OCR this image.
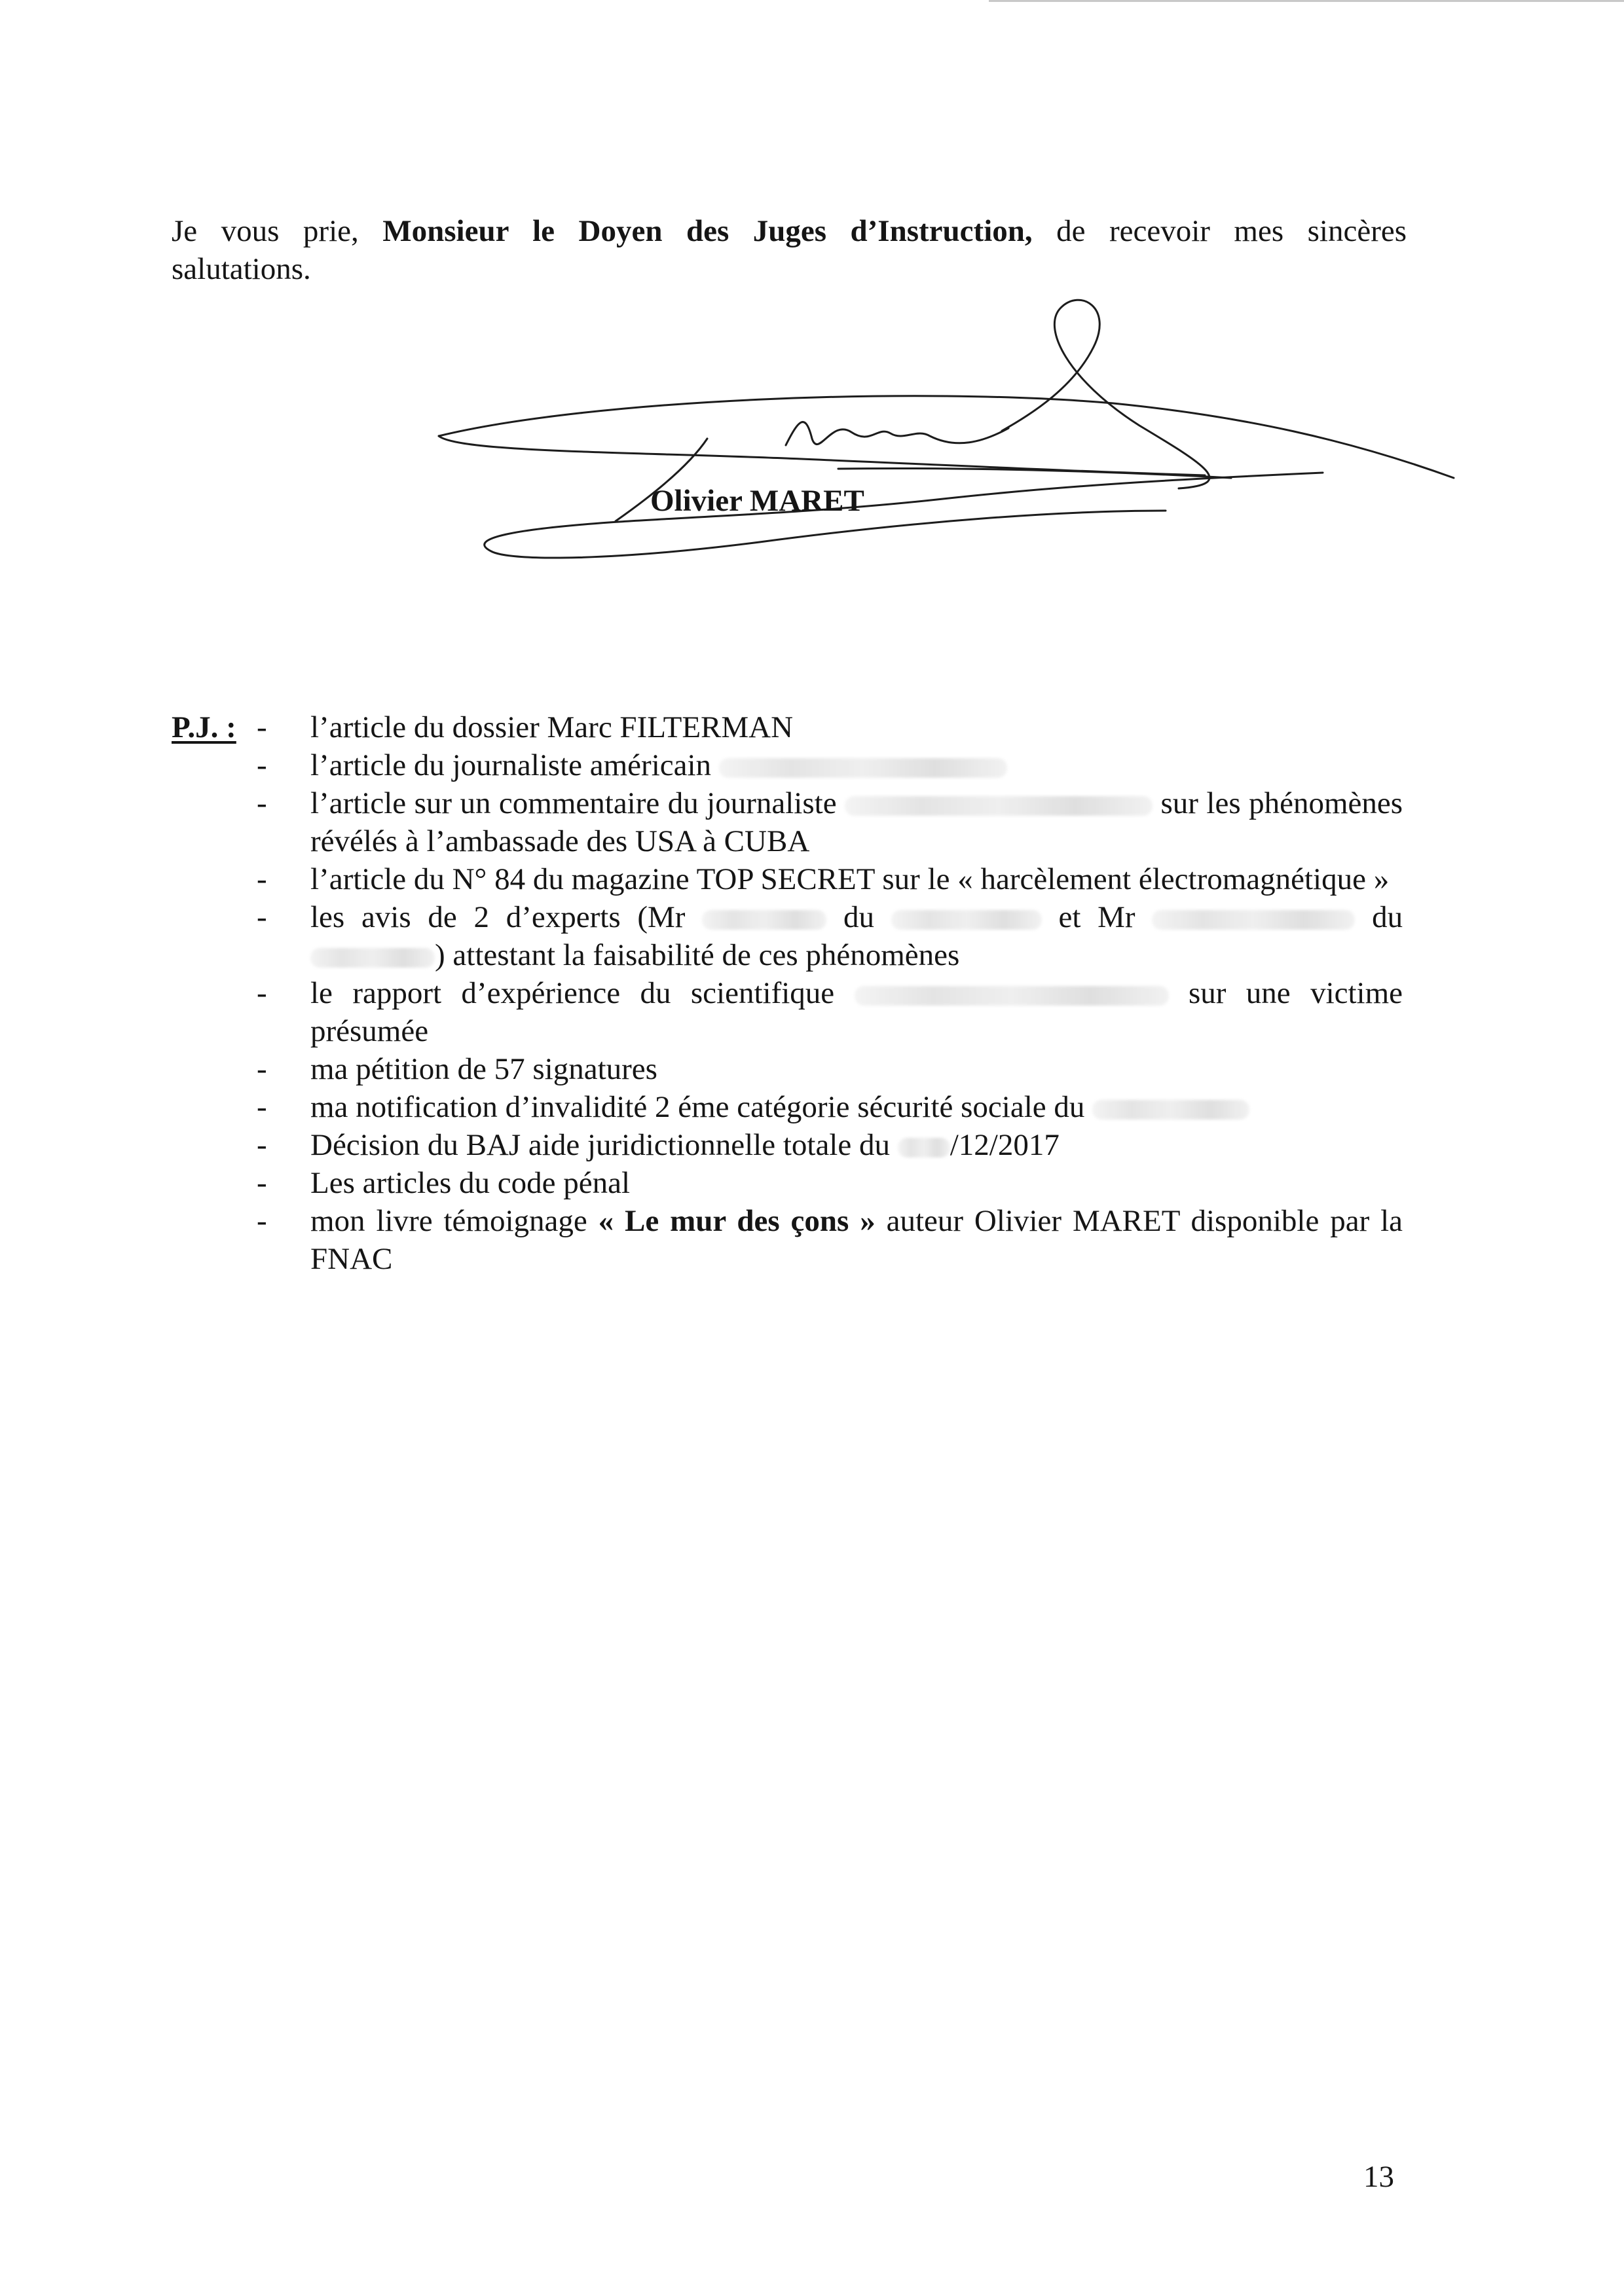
Je vous prie, Monsieur le Doyen des Juges d’Instruction, de recevoir mes sincères

salutations.
Olivier MARET
P.J. : - l’article du dossier Marc FILTERMAN
- l’article du journaliste américain
- l’article sur un commentaire du journaliste	sur les phénomènes révélés à l’ambassade des USA à CUBA
- l’article du N° 84 du magazine TOP SECRET sur le « harcèlement électromagnétique »
- les avis de 2 d’experts (Mr	du	et Mr	du ) attestant la faisabilité de ces phénomènes
- le rapport d’expérience du scientifique	sur une victime présumée
- ma pétition de 57 signatures
- ma notification d’invalidité 2 éme catégorie sécurité sociale du
- Décision du BAJ aide juridictionnelle totale du /12/2017
- Les articles du code pénal
- mon livre témoignage « Le mur des çons » auteur Olivier MARET disponible par la FNAC
13
